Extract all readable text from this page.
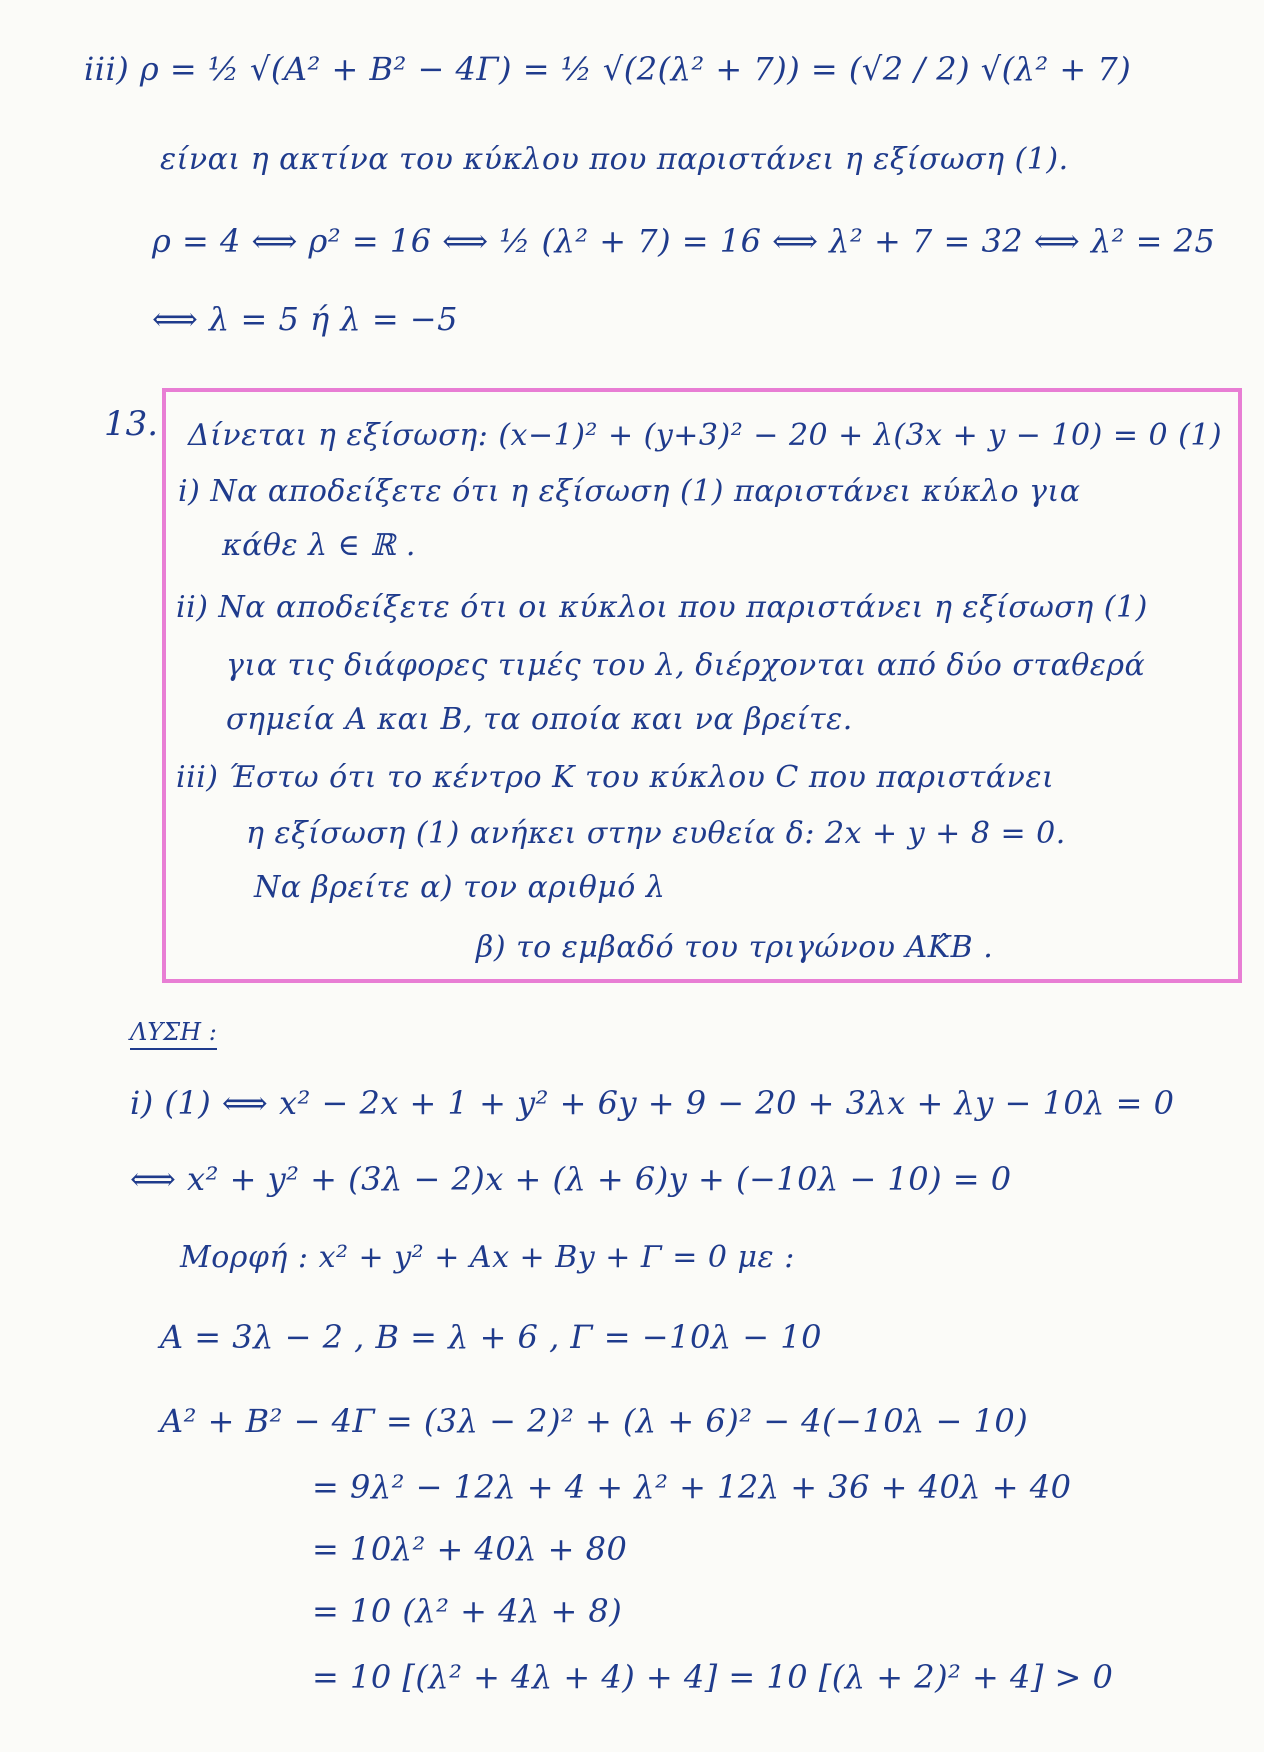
iii) ρ = ½ √(A² + B² − 4Γ) = ½ √(2(λ² + 7)) = (√2 / 2) √(λ² + 7)
είναι η ακτίνα του κύκλου που παριστάνει η εξίσωση (1).
ρ = 4 ⟺ ρ² = 16 ⟺ ½ (λ² + 7) = 16 ⟺ λ² + 7 = 32 ⟺ λ² = 25
⟺ λ = 5 ή λ = −5
13. Δίνεται η εξίσωση: (x−1)² + (y+3)² − 20 + λ(3x + y − 10) = 0 (1)
i) Να αποδείξετε ότι η εξίσωση (1) παριστάνει κύκλο για
κάθε λ ∈ ℝ .
ii) Να αποδείξετε ότι οι κύκλοι που παριστάνει η εξίσωση (1)
για τις διάφορες τιμές του λ, διέρχονται από δύο σταθερά
σημεία Α και Β, τα οποία και να βρείτε.
iii) Έστω ότι το κέντρο Κ του κύκλου C που παριστάνει
η εξίσωση (1) ανήκει στην ευθεία δ: 2x + y + 8 = 0.
Να βρείτε α) τον αριθμό λ
β) το εμβαδό του τριγώνου ΑΚ̂Β .
ΛΥΣΗ :
i) (1) ⟺ x² − 2x + 1 + y² + 6y + 9 − 20 + 3λx + λy − 10λ = 0
⟺ x² + y² + (3λ − 2)x + (λ + 6)y + (−10λ − 10) = 0
Μορφή : x² + y² + Ax + By + Γ = 0 με :
A = 3λ − 2 , B = λ + 6 , Γ = −10λ − 10
A² + B² − 4Γ = (3λ − 2)² + (λ + 6)² − 4(−10λ − 10)
= 9λ² − 12λ + 4 + λ² + 12λ + 36 + 40λ + 40
= 10λ² + 40λ + 80
= 10 (λ² + 4λ + 8)
= 10 [(λ² + 4λ + 4) + 4] = 10 [(λ + 2)² + 4] > 0
